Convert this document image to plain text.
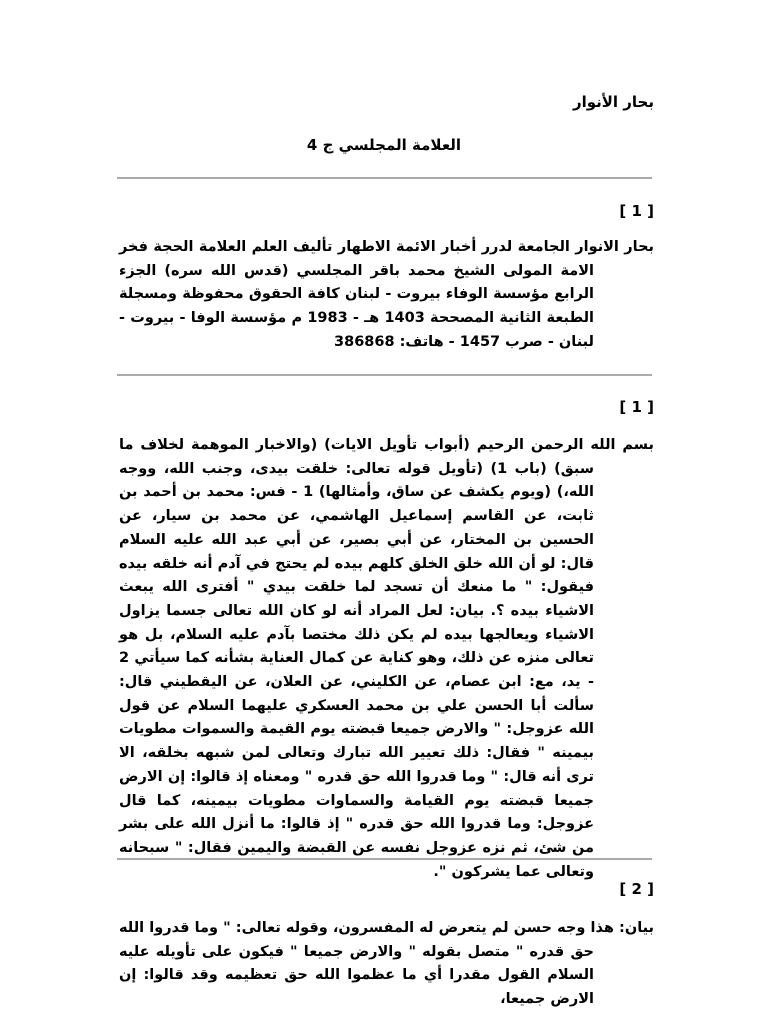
بحار الأنوار
العلامة المجلسي ج 4
[ 1 ]

بحار الانوار الجامعة لدرر أخبار الائمة الاطهار تأليف العلم العلامة الحجة فخر الامة المولى الشيخ محمد باقر المجلسي (قدس الله سره) الجزء الرابع مؤسسة الوفاء بيروت - لبنان كافة الحقوق محفوظة ومسجلة الطبعة الثانية المصححة 1403 هـ - 1983 م مؤسسة الوفا - بيروت - لبنان - صرب 1457 - هاتف: 386868

[ 1 ]

بسم الله الرحمن الرحيم (أبواب تأويل الايات) (والاخبار الموهمة لخلاف ما سبق) (باب 1) (تأويل قوله تعالى: خلقت بيدى، وجنب الله، ووجه الله،) (ويوم يكشف عن ساق، وأمثالها) 1 - فس: محمد بن أحمد بن ثابت، عن القاسم إسماعيل الهاشمي، عن محمد بن سيار، عن الحسين بن المختار، عن أبي بصير، عن أبي عبد الله عليه السلام قال: لو أن الله خلق الخلق كلهم بيده لم يحتج في آدم أنه خلقه بيده فيقول: " ما منعك أن تسجد لما خلقت بيدي " أفترى الله يبعث الاشياء بيده ؟. بيان: لعل المراد أنه لو كان الله تعالى جسما يزاول الاشياء ويعالجها بيده لم يكن ذلك مختصا بآدم عليه السلام، بل هو تعالى منزه عن ذلك، وهو كناية عن كمال العناية بشأنه كما سيأتي 2 - يد، مع: ابن عصام، عن الكليني، عن العلان، عن اليقطيني قال: سألت أبا الحسن علي بن محمد العسكري عليهما السلام عن قول الله عزوجل: " والارض جميعا قبضته يوم القيمة والسموات مطويات بيمينه " فقال: ذلك تعيير الله تبارك وتعالى لمن شبهه بخلقه، الا ترى أنه قال: " وما قدروا الله حق قدره " ومعناه إذ قالوا: إن الارض جميعا قبضته يوم القيامة والسماوات مطويات بيمينه، كما قال عزوجل: وما قدروا الله حق قدره " إذ قالوا: ما أنزل الله على بشر من شئ، ثم نزه عزوجل نفسه عن القبضة واليمين فقال: " سبحانه وتعالى عما يشركون ".

[ 2 ]

بيان: هذا وجه حسن لم يتعرض له المفسرون، وقوله تعالى: " وما قدروا الله حق قدره " متصل بقوله " والارض جميعا " فيكون على تأويله عليه السلام القول مقدرا أي ما عظموا الله حق تعظيمه وقد قالوا: إن الارض جميعا،
